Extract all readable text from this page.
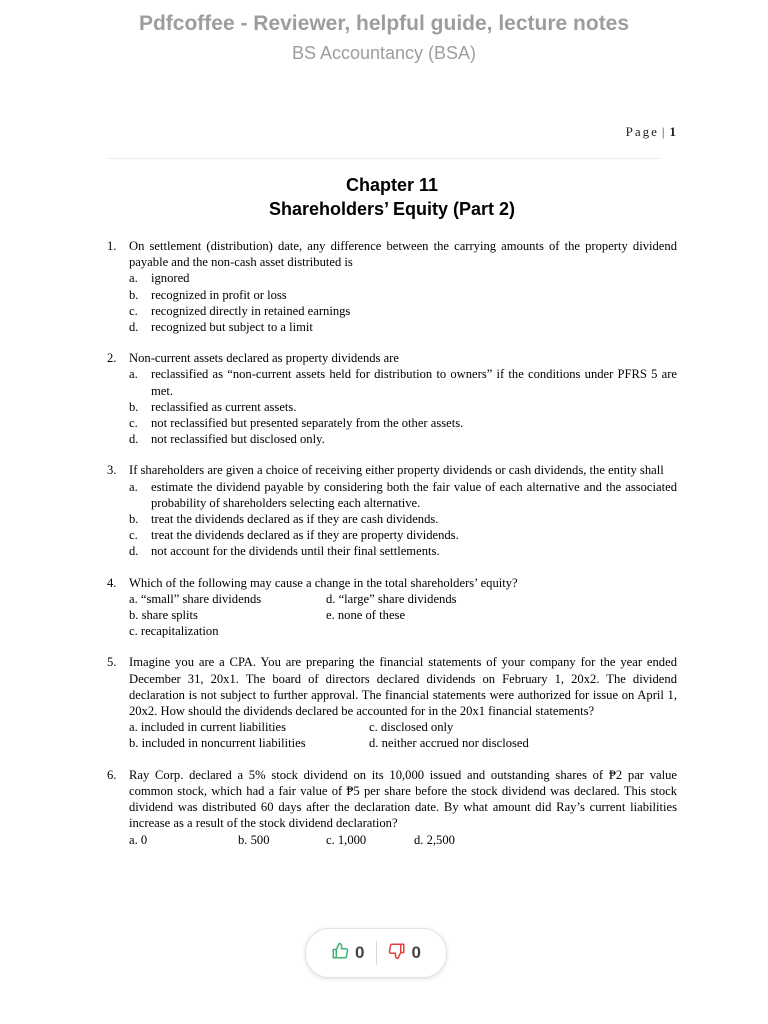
Pdfcoffee - Reviewer, helpful guide, lecture notes
BS Accountancy (BSA)
Page | 1
Chapter 11
Shareholders’ Equity (Part 2)
1. On settlement (distribution) date, any difference between the carrying amounts of the property dividend payable and the non-cash asset distributed is
a.	ignored
b. recognized in profit or loss
c.	recognized directly in retained earnings
d. recognized but subject to a limit
2. Non-current assets declared as property dividends are
a.	reclassified as “non-current assets held for distribution to owners” if the conditions under PFRS 5 are met.
b. reclassified as current assets.
c.	not reclassified but presented separately from the other assets.
d. not reclassified but disclosed only.
3. If shareholders are given a choice of receiving either property dividends or cash dividends, the entity shall
a.	estimate the dividend payable by considering both the fair value of each alternative and the associated probability of shareholders selecting each alternative.
b. treat the dividends declared as if they are cash dividends.
c.	treat the dividends declared as if they are property dividends.
d. not account for the dividends until their final settlements.
4. Which of the following may cause a change in the total shareholders’ equity?
a. “small” share dividends	d. “large” share dividends
b. share splits	e. none of these
c. recapitalization
5. Imagine you are a CPA. You are preparing the financial statements of your company for the year ended December 31, 20x1. The board of directors declared dividends on February 1, 20x2. The dividend declaration is not subject to further approval. The financial statements were authorized for issue on April 1, 20x2. How should the dividends declared be accounted for in the 20x1 financial statements?
a. included in current liabilities	c. disclosed only
b. included in noncurrent liabilities	d. neither accrued nor disclosed
6. Ray Corp. declared a 5% stock dividend on its 10,000 issued and outstanding shares of ₱2 par value common stock, which had a fair value of ₱5 per share before the stock dividend was declared. This stock dividend was distributed 60 days after the declaration date. By what amount did Ray’s current liabilities increase as a result of the stock dividend declaration?
a. 0	b. 500	c. 1,000	d. 2,500
0	0
